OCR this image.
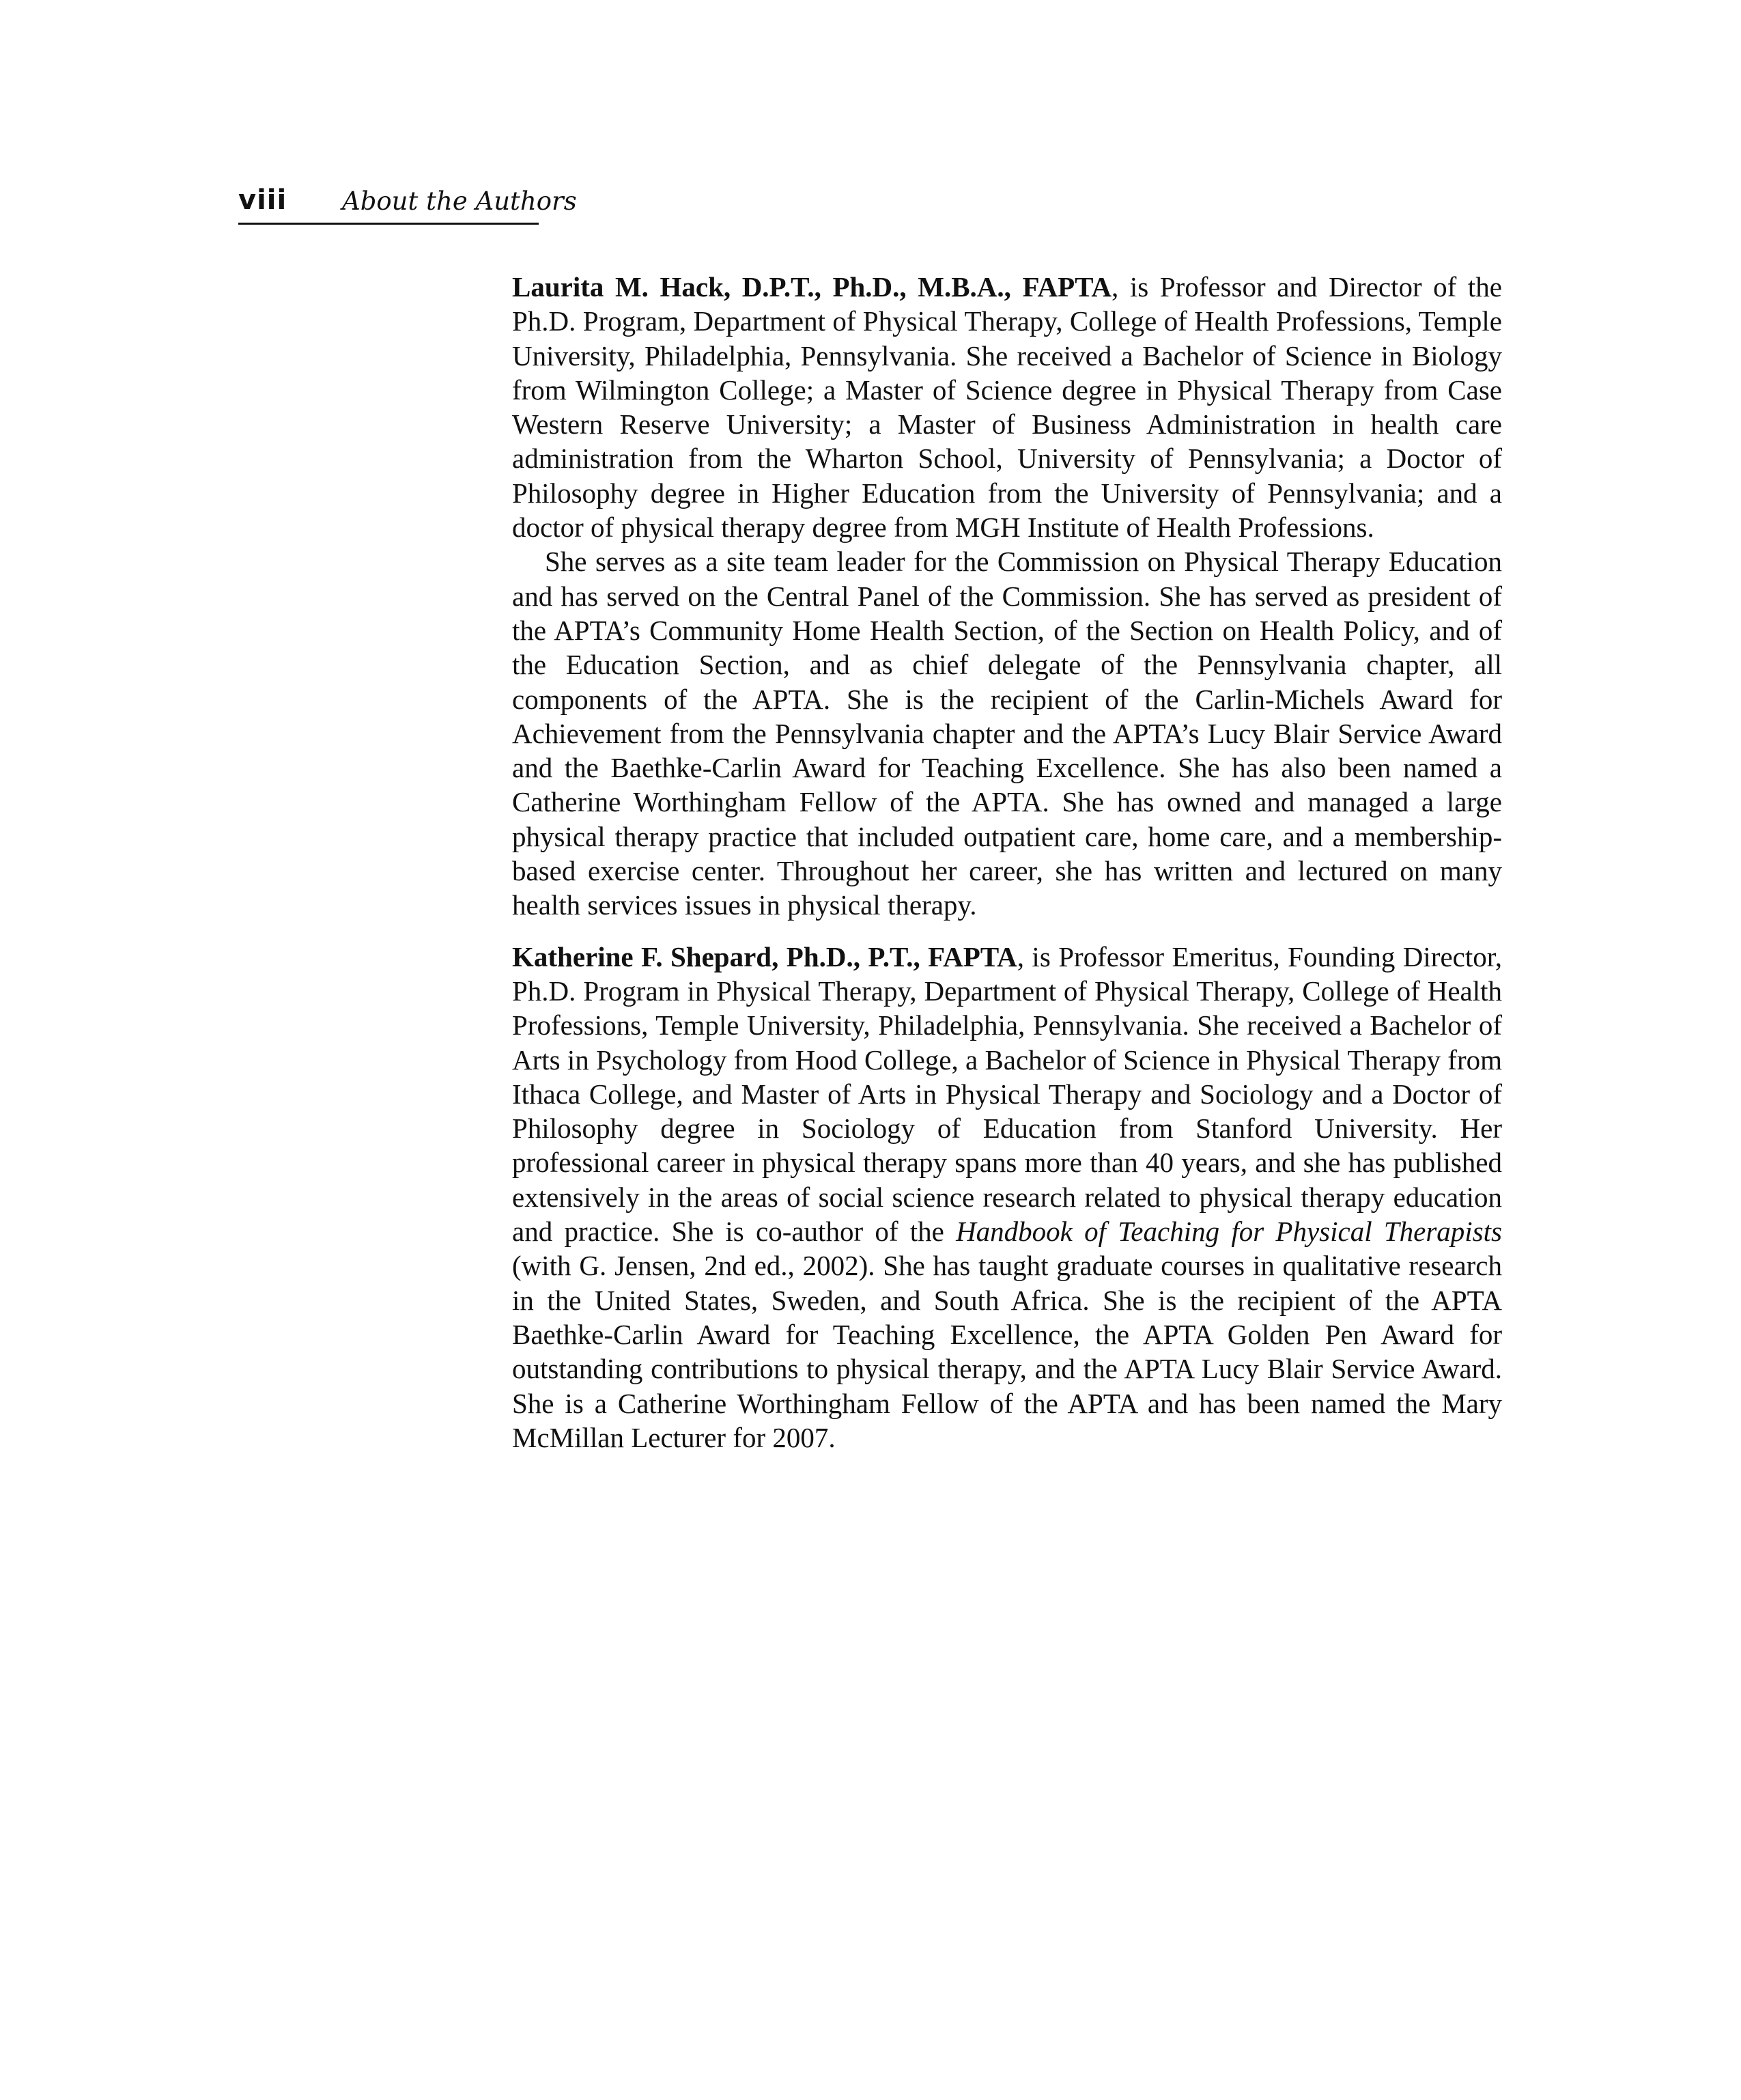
viii About the Authors

Laurita M. Hack, D.P.T., Ph.D., M.B.A., FAPTA, is Professor and Director of the Ph.D. Program, Department of Physical Therapy, College of Health Professions, Temple University, Philadelphia, Pennsylvania. She received a Bachelor of Science in Biology from Wilmington College; a Master of Science degree in Physical Therapy from Case Western Reserve University; a Master of Business Administration in health care administration from the Wharton School, University of Pennsylvania; a Doctor of Philosophy degree in Higher Education from the University of Pennsylvania; and a doctor of physical therapy degree from MGH Institute of Health Professions.

She serves as a site team leader for the Commission on Physical Therapy Education and has served on the Central Panel of the Commission. She has served as president of the APTA’s Community Home Health Section, of the Section on Health Policy, and of the Education Section, and as chief delegate of the Pennsylvania chapter, all components of the APTA. She is the recipient of the Carlin-Michels Award for Achievement from the Pennsylvania chapter and the APTA’s Lucy Blair Service Award and the Baethke-Carlin Award for Teaching Excellence. She has also been named a Catherine Worthingham Fellow of the APTA. She has owned and managed a large physical therapy practice that included outpatient care, home care, and a membership-based exercise center. Throughout her career, she has written and lectured on many health services issues in physical therapy.

Katherine F. Shepard, Ph.D., P.T., FAPTA, is Professor Emeritus, Founding Director, Ph.D. Program in Physical Therapy, Department of Physical Therapy, College of Health Professions, Temple University, Philadelphia, Pennsylvania. She received a Bachelor of Arts in Psychology from Hood College, a Bachelor of Science in Physical Therapy from Ithaca College, and Master of Arts in Physical Therapy and Sociology and a Doctor of Philosophy degree in Sociology of Education from Stanford University. Her professional career in physical therapy spans more than 40 years, and she has published extensively in the areas of social science research related to physical therapy education and practice. She is co-author of the Handbook of Teaching for Physical Therapists (with G. Jensen, 2nd ed., 2002). She has taught graduate courses in qualitative research in the United States, Sweden, and South Africa. She is the recipient of the APTA Baethke-Carlin Award for Teaching Excellence, the APTA Golden Pen Award for outstanding contributions to physical therapy, and the APTA Lucy Blair Service Award. She is a Catherine Worthingham Fellow of the APTA and has been named the Mary McMillan Lecturer for 2007.
